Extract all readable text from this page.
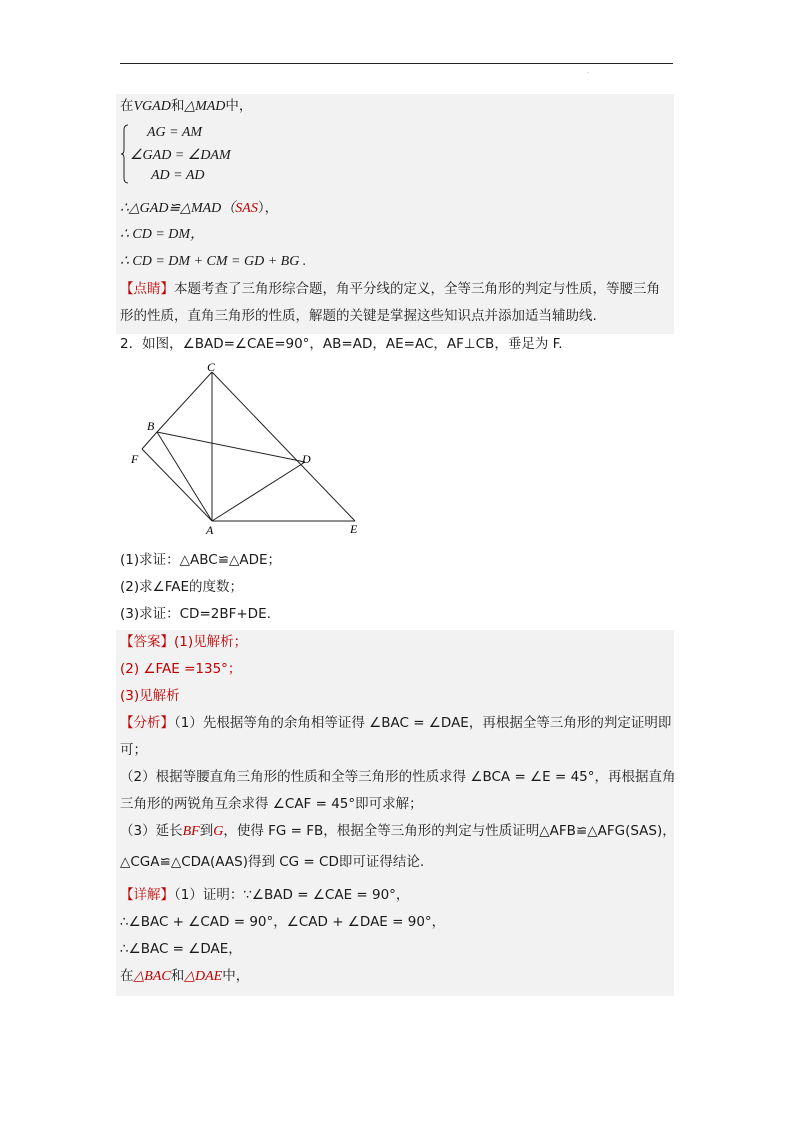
.
在VGAD和△MAD中，
AG = AM
∠GAD = ∠DAM
AD = AD
∴△GAD≌△MAD（SAS），
∴ CD = DM，
∴ CD = DM + CM = GD + BG .
【点睛】本题考查了三角形综合题，角平分线的定义，全等三角形的判定与性质，等腰三角
形的性质，直角三角形的性质，解题的关键是掌握这些知识点并添加适当辅助线.
2．如图，∠BAD=∠CAE=90°，AB=AD，AE=AC，AF⊥CB，垂足为 F.
C
B
F	D
A	E
(1)求证：△ABC≌△ADE；
(2)求∠FAE的度数；
(3)求证：CD=2BF+DE.
【答案】(1)见解析；
(2) ∠FAE =135°；
(3)见解析
【分析】（1）先根据等角的余角相等证得 ∠BAC = ∠DAE，再根据全等三角形的判定证明即
可；
（2）根据等腰直角三角形的性质和全等三角形的性质求得 ∠BCA = ∠E = 45°，再根据直角
三角形的两锐角互余求得 ∠CAF = 45°即可求解；
（3）延长BF到G，使得 FG = FB，根据全等三角形的判定与性质证明△AFB≌△AFG(SAS)，
△CGA≌△CDA(AAS)得到 CG = CD即可证得结论.
【详解】（1）证明：∵∠BAD = ∠CAE = 90°，
∴∠BAC + ∠CAD = 90°，∠CAD + ∠DAE = 90°，
∴∠BAC = ∠DAE，
在△BAC和△DAE中，
